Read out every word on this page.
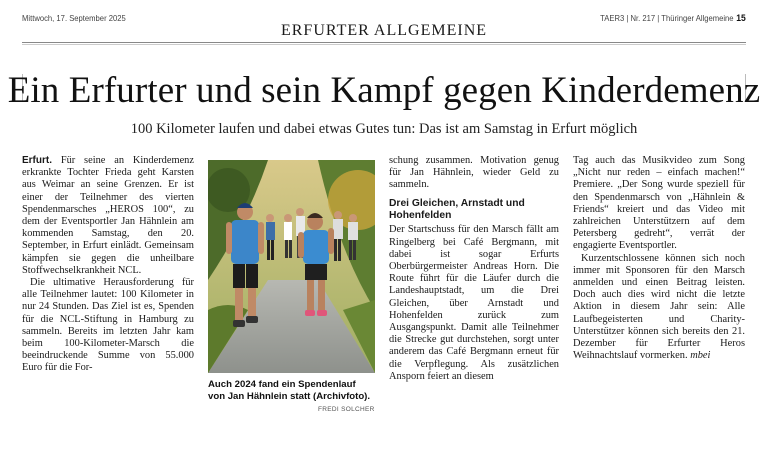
Mittwoch, 17. September 2025
ERFURTER ALLGEMEINE
TAER3 | Nr. 217 | Thüringer Allgemeine 15
Ein Erfurter und sein Kampf gegen Kinderdemenz
100 Kilometer laufen und dabei etwas Gutes tun: Das ist am Samstag in Erfurt möglich

Erfurt. Für seine an Kinderdemenz erkrankte Tochter Frieda geht Karsten aus Weimar an seine Grenzen. Er ist einer der Teilnehmer des vierten Spendenmarsches „HEROS 100“, zu dem der Eventsportler Jan Hähnlein am kommenden Samstag, den 20. September, in Erfurt einlädt. Gemeinsam kämpfen sie gegen die unheilbare Stoffwechselkrankheit NCL.

Die ultimative Herausforderung für alle Teilnehmer lautet: 100 Kilometer in nur 24 Stunden. Das Ziel ist es, Spenden für die NCL-Stiftung in Hamburg zu sammeln. Bereits im letzten Jahr kam beim 100-Kilometer-Marsch die beeindruckende Summe von 55.000 Euro für die For-

Auch 2024 fand ein Spendenlauf von Jan Hähnlein statt (Archivfoto).
FREDI SOLCHER

schung zusammen. Motivation genug für Jan Hähnlein, wieder Geld zu sammeln.

Drei Gleichen, Arnstadt und Hohenfelden

Der Startschuss für den Marsch fällt am Ringelberg bei Café Bergmann, mit dabei ist sogar Erfurts Oberbürgermeister Andreas Horn. Die Route führt für die Läufer durch die Landeshauptstadt, um die Drei Gleichen, über Arnstadt und Hohenfelden zurück zum Ausgangspunkt. Damit alle Teilnehmer die Strecke gut durchstehen, sorgt unter anderem das Café Bergmann erneut für die Verpflegung. Als zusätzlichen Ansporn feiert an diesem

Tag auch das Musikvideo zum Song „Nicht nur reden – einfach machen!“ Premiere. „Der Song wurde speziell für den Spendenmarsch von „Hähnlein & Friends“ kreiert und das Video mit zahlreichen Unterstützern auf dem Petersberg gedreht“, verrät der engagierte Eventsportler.

Kurzentschlossene können sich noch immer mit Sponsoren für den Marsch anmelden und einen Beitrag leisten. Doch auch dies wird nicht die letzte Aktion in diesem Jahr sein: Alle Laufbegeisterten und Charity-Unterstützer können sich bereits den 21. Dezember für Erfurter Heros Weihnachtslauf vormerken. mbei
